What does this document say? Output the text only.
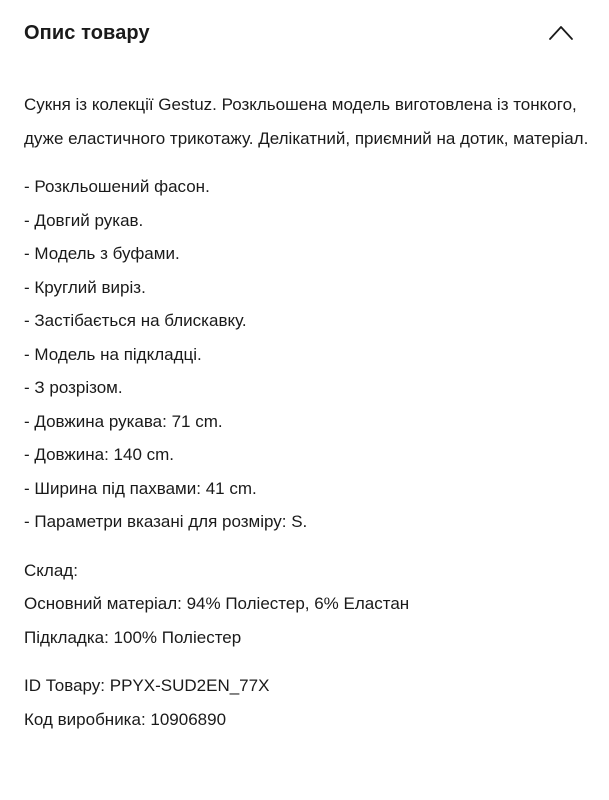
Опис товару

Сукня із колекції Gestuz. Розкльошена модель виготовлена із тонкого, дуже еластичного трикотажу. Делікатний, приємний на дотик, матеріал.

- Розкльошений фасон.
- Довгий рукав.
- Модель з буфами.
- Круглий виріз.
- Застібається на блискавку.
- Модель на підкладці.
- З розрізом.
- Довжина рукава: 71 cm.
- Довжина: 140 cm.
- Ширина під пахвами: 41 cm.
- Параметри вказані для розміру: S.
Склад:
Основний матеріал: 94% Поліестер, 6% Еластан
Підкладка: 100% Поліестер
ID Товару: PPYX-SUD2EN_77X
Код виробника: 10906890
